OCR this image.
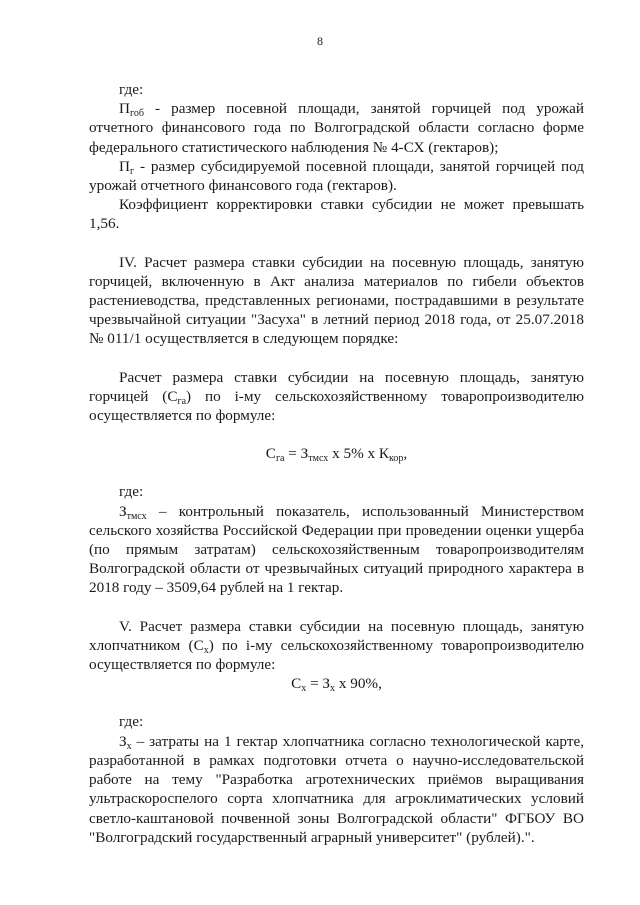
8

где:

$П_{гоб}$ - размер посевной площади, занятой горчицей под урожай отчетного финансового года по Волгоградской области согласно форме федерального статистического наблюдения № 4-СХ (гектаров);

$П_г$ - размер субсидируемой посевной площади, занятой горчицей под урожай отчетного финансового года (гектаров).

Коэффициент корректировки ставки субсидии не может превышать 1,56.

IV. Расчет размера ставки субсидии на посевную площадь, занятую горчицей, включенную в Акт анализа материалов по гибели объектов растениеводства, представленных регионами, пострадавшими в результате чрезвычайной ситуации "Засуха" в летний период 2018 года, от 25.07.2018 № 011/1 осуществляется в следующем порядке:

Расчет размера ставки субсидии на посевную площадь, занятую горчицей $(С_{га})$ по i-му сельскохозяйственному товаропроизводителю осуществляется по формуле:

$С_{га} = З_{тмсх}$ х 5% х $К_{кор}$,

где:

$З_{тмсх}$ – контрольный показатель, использованный Министерством сельского хозяйства Российской Федерации при проведении оценки ущерба (по прямым затратам) сельскохозяйственным товаропроизводителям Волгоградской области от чрезвычайных ситуаций природного характера в 2018 году – 3509,64 рублей на 1 гектар.

V. Расчет размера ставки субсидии на посевную площадь, занятую хлопчатником $(С_х)$ по i-му сельскохозяйственному товаропроизводителю осуществляется по формуле:

$С_х = З_х$ х 90%,

где:

$З_х$ – затраты на 1 гектар хлопчатника согласно технологической карте, разработанной в рамках подготовки отчета о научно-исследовательской работе на тему "Разработка агротехнических приёмов выращивания ультраскороспелого сорта хлопчатника для агроклиматических условий светло-каштановой почвенной зоны Волгоградской области" ФГБОУ ВО "Волгоградский государственный аграрный университет" (рублей).".
